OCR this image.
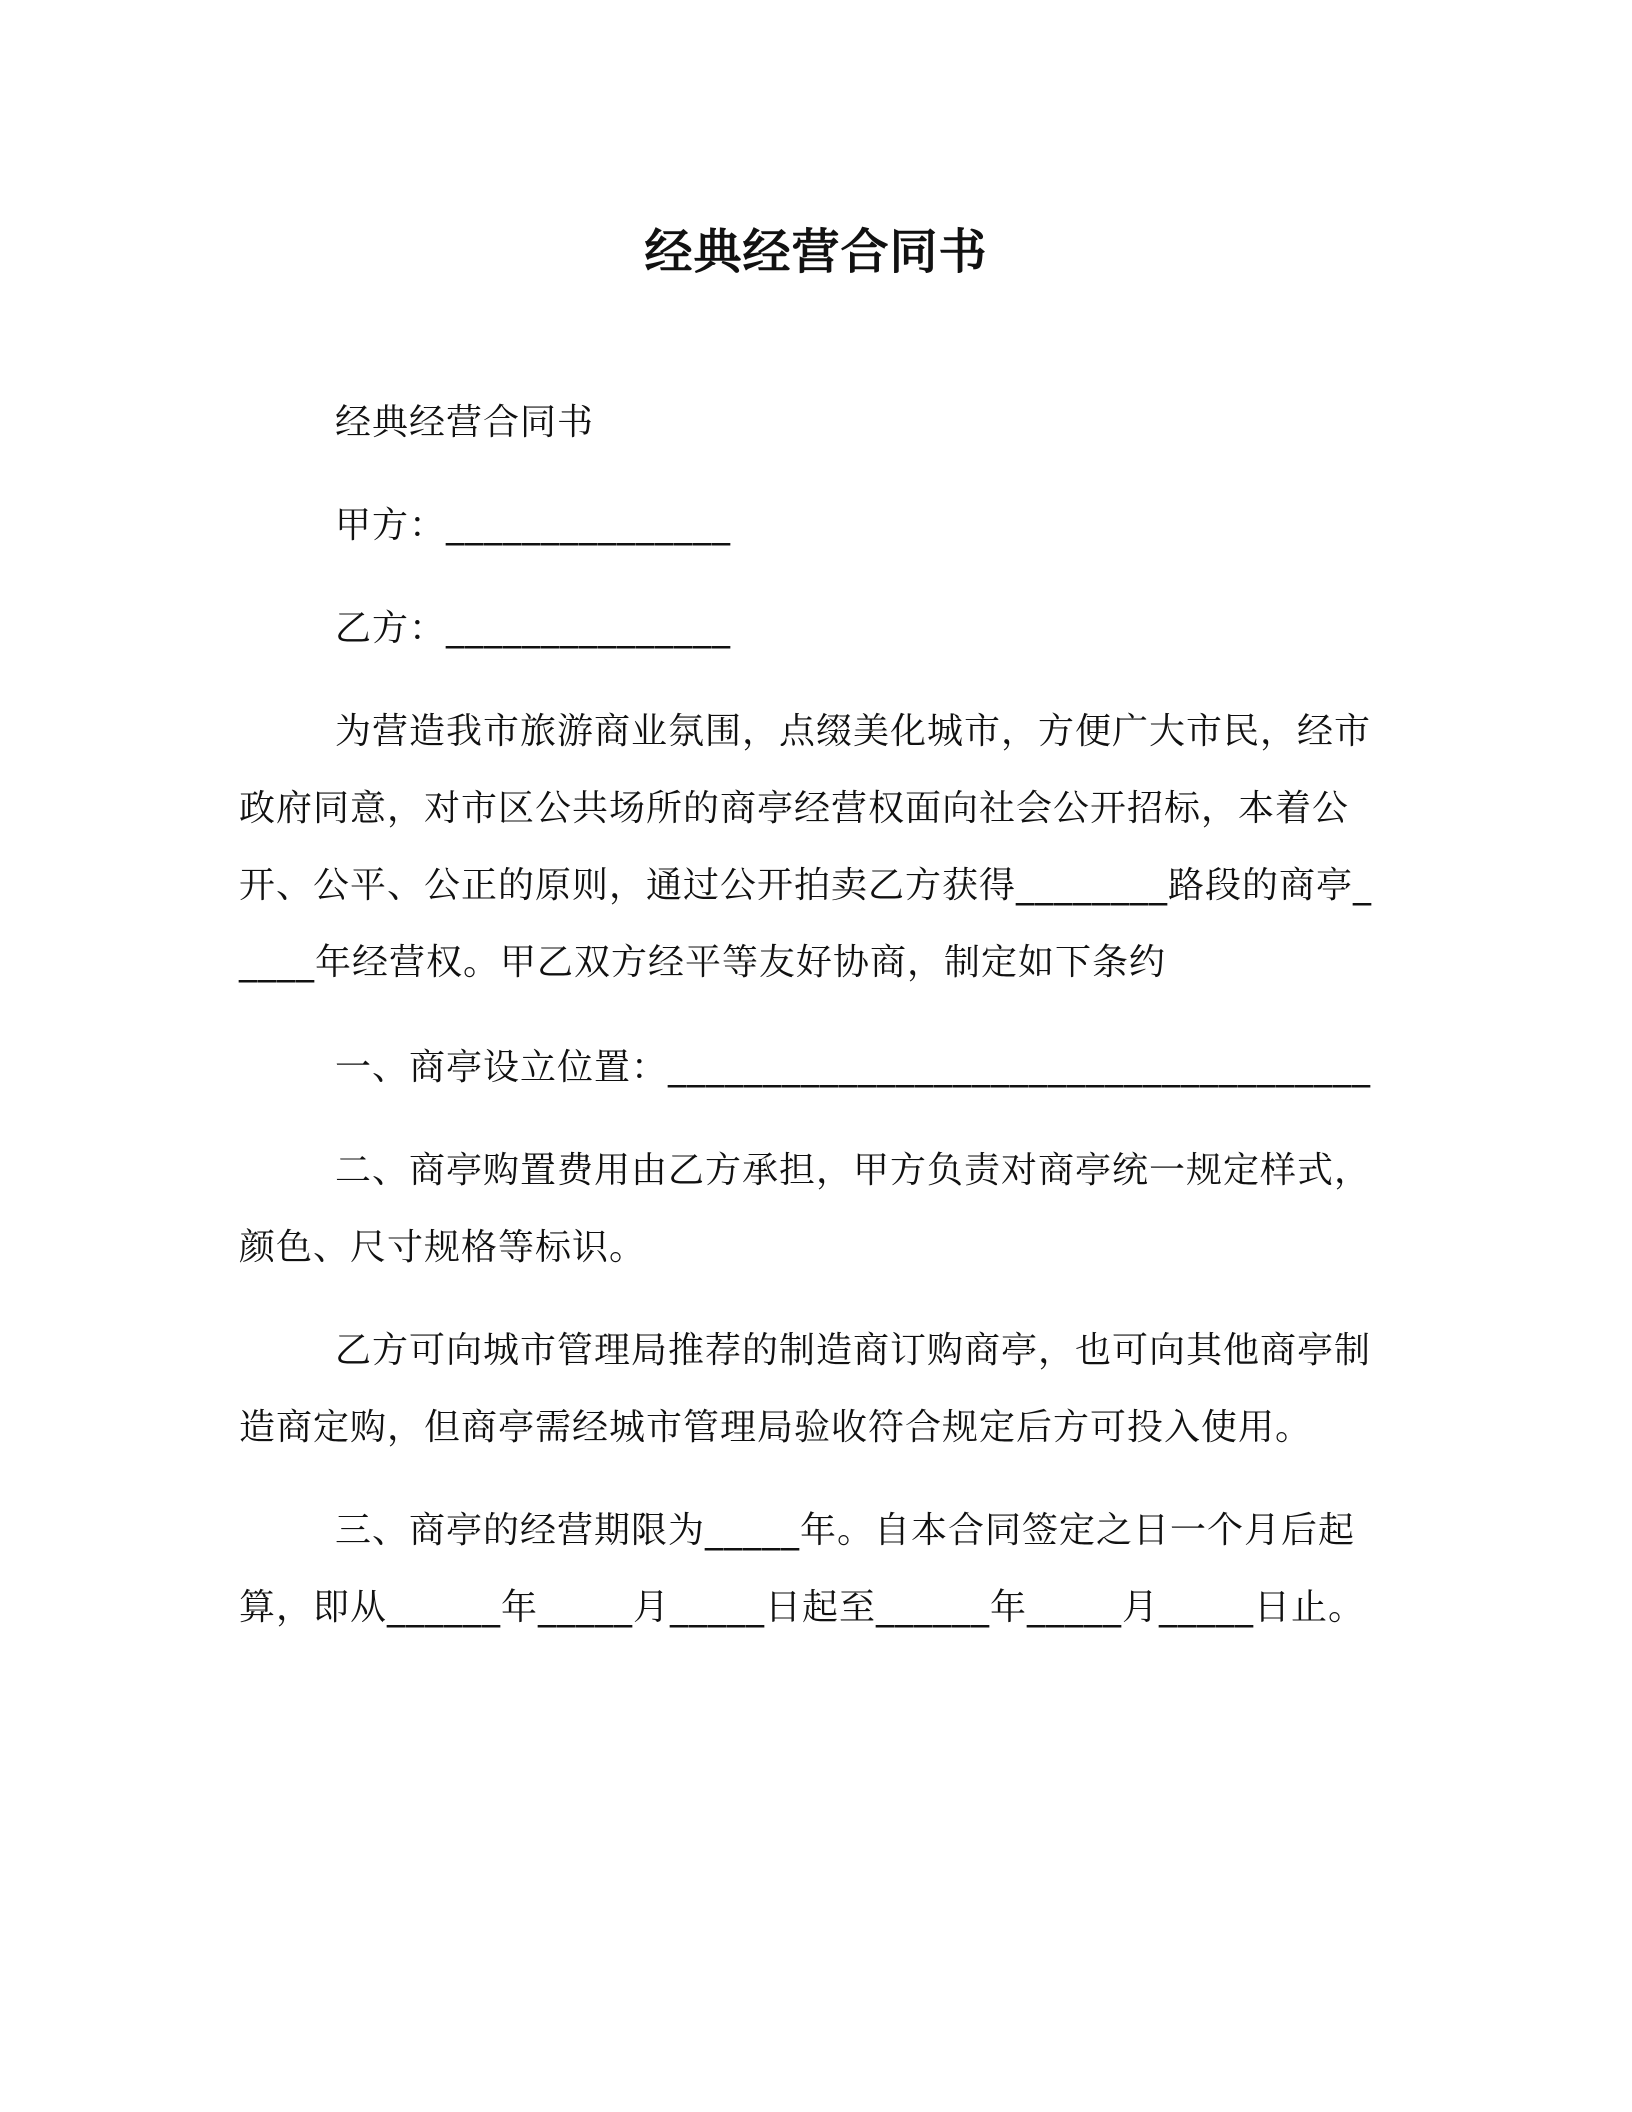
经典经营合同书
经典经营合同书
甲方：_______________
乙方：_______________
为营造我市旅游商业氛围，点缀美化城市，方便广大市民，经市政府同意，对市区公共场所的商亭经营权面向社会公开招标，本着公开、公平、公正的原则，通过公开拍卖乙方获得________路段的商亭_____年经营权。甲乙双方经平等友好协商，制定如下条约
一、商亭设立位置：_____________________________________
二、商亭购置费用由乙方承担，甲方负责对商亭统一规定样式，颜色、尺寸规格等标识。
乙方可向城市管理局推荐的制造商订购商亭，也可向其他商亭制造商定购，但商亭需经城市管理局验收符合规定后方可投入使用。
三、商亭的经营期限为_____年。自本合同签定之日一个月后起算，即从______年_____月_____日起至______年_____月_____日止。
